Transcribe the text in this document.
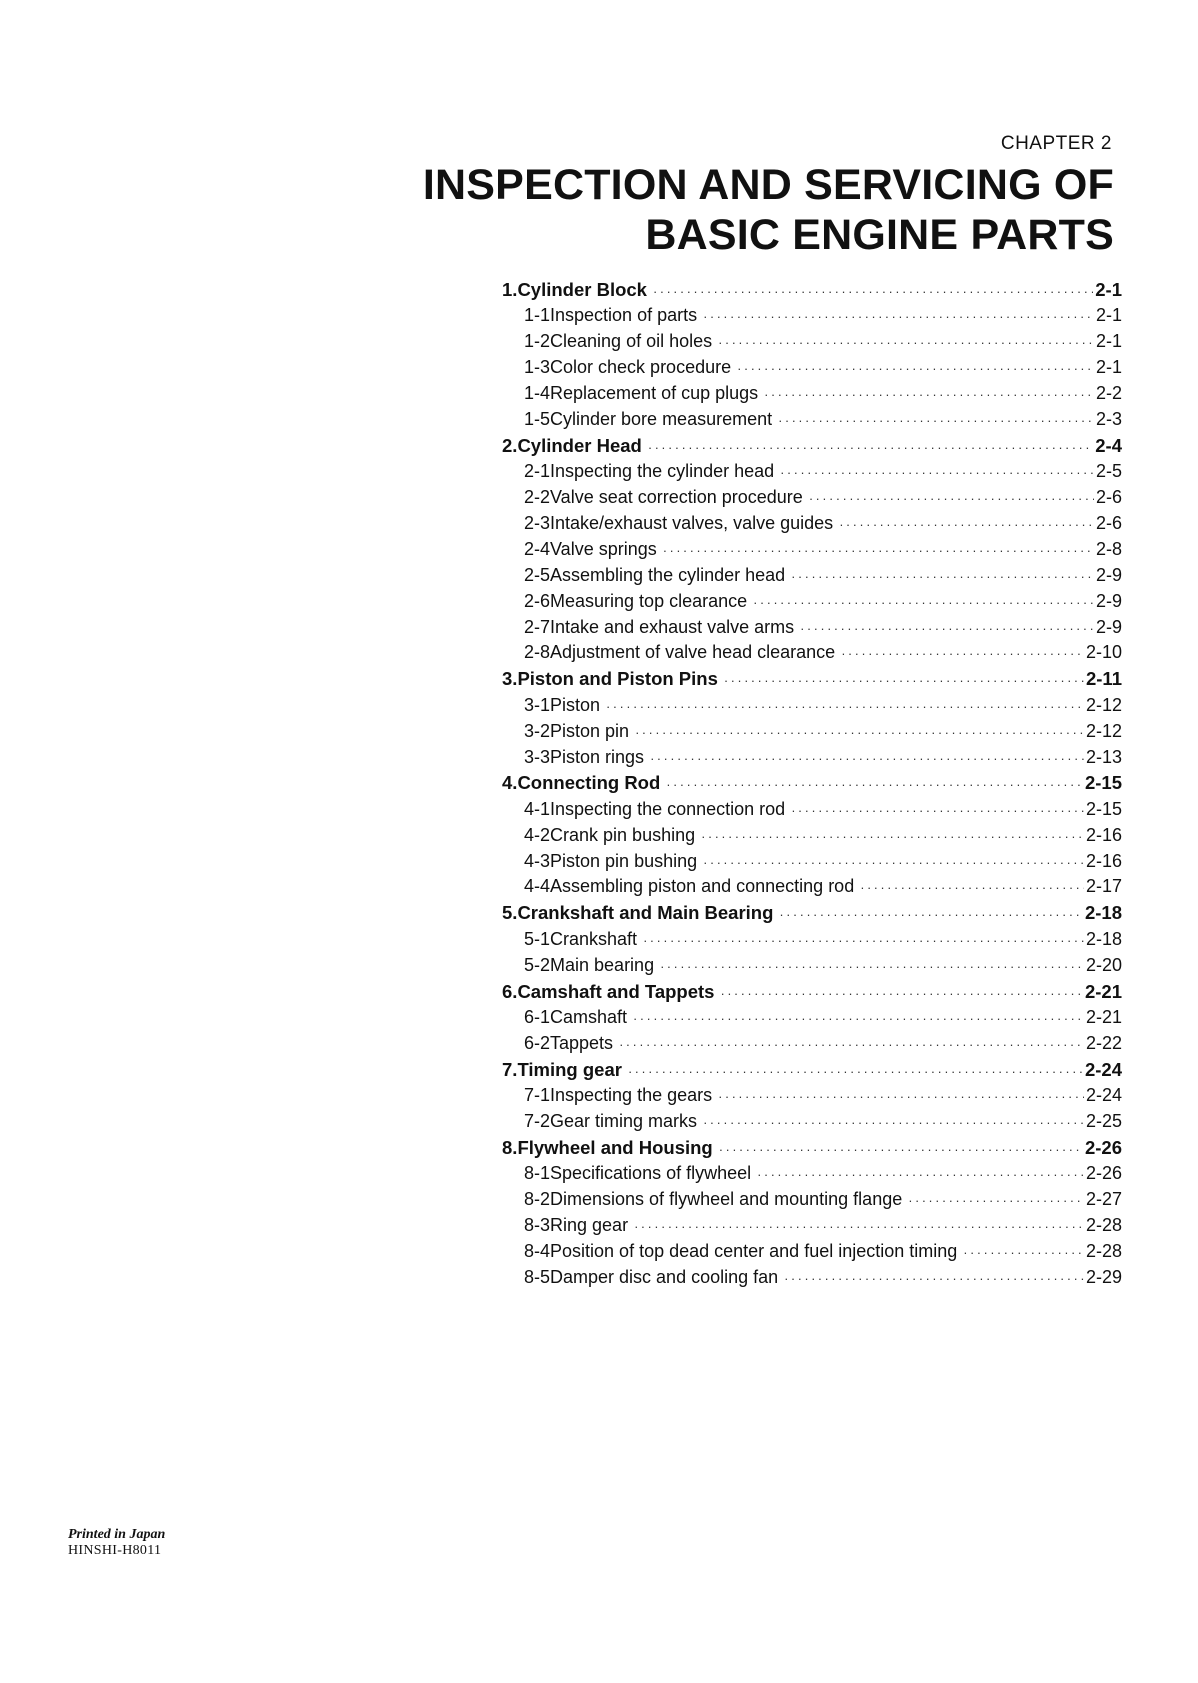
CHAPTER 2
INSPECTION AND SERVICING OF
BASIC ENGINE PARTS
1. Cylinder Block ·····	2-1
1-1 Inspection of parts ·····	2-1
1-2 Cleaning of oil holes ·····	2-1
1-3 Color check procedure ·····	2-1
1-4 Replacement of cup plugs ·····	2-2
1-5 Cylinder bore measurement ·····	2-3
2. Cylinder Head ·····	2-4
2-1 Inspecting the cylinder head ·····	2-5
2-2 Valve seat correction procedure ·····	2-6
2-3 Intake/exhaust valves, valve guides ·····	2-6
2-4 Valve springs ·····	2-8
2-5 Assembling the cylinder head ·····	2-9
2-6 Measuring top clearance ·····	2-9
2-7 Intake and exhaust valve arms ·····	2-9
2-8 Adjustment of valve head clearance ·····	2-10
3. Piston and Piston Pins ·····	2-11
3-1 Piston ·····	2-12
3-2 Piston pin ·····	2-12
3-3 Piston rings ·····	2-13
4. Connecting Rod ·····	2-15
4-1 Inspecting the connection rod ·····	2-15
4-2 Crank pin bushing ·····	2-16
4-3 Piston pin bushing ·····	2-16
4-4 Assembling piston and connecting rod ·····	2-17
5. Crankshaft and Main Bearing ·····	2-18
5-1 Crankshaft ·····	2-18
5-2 Main bearing ·····	2-20
6. Camshaft and Tappets ·····	2-21
6-1 Camshaft ·····	2-21
6-2 Tappets ·····	2-22
7. Timing gear ·····	2-24
7-1 Inspecting the gears ·····	2-24
7-2 Gear timing marks ·····	2-25
8. Flywheel and Housing ·····	2-26
8-1 Specifications of flywheel ·····	2-26
8-2 Dimensions of flywheel and mounting flange ·····	2-27
8-3 Ring gear ·····	2-28
8-4 Position of top dead center and fuel injection timing ·····	2-28
8-5 Damper disc and cooling fan ·····	2-29
Printed in Japan
HINSHI-H8011
